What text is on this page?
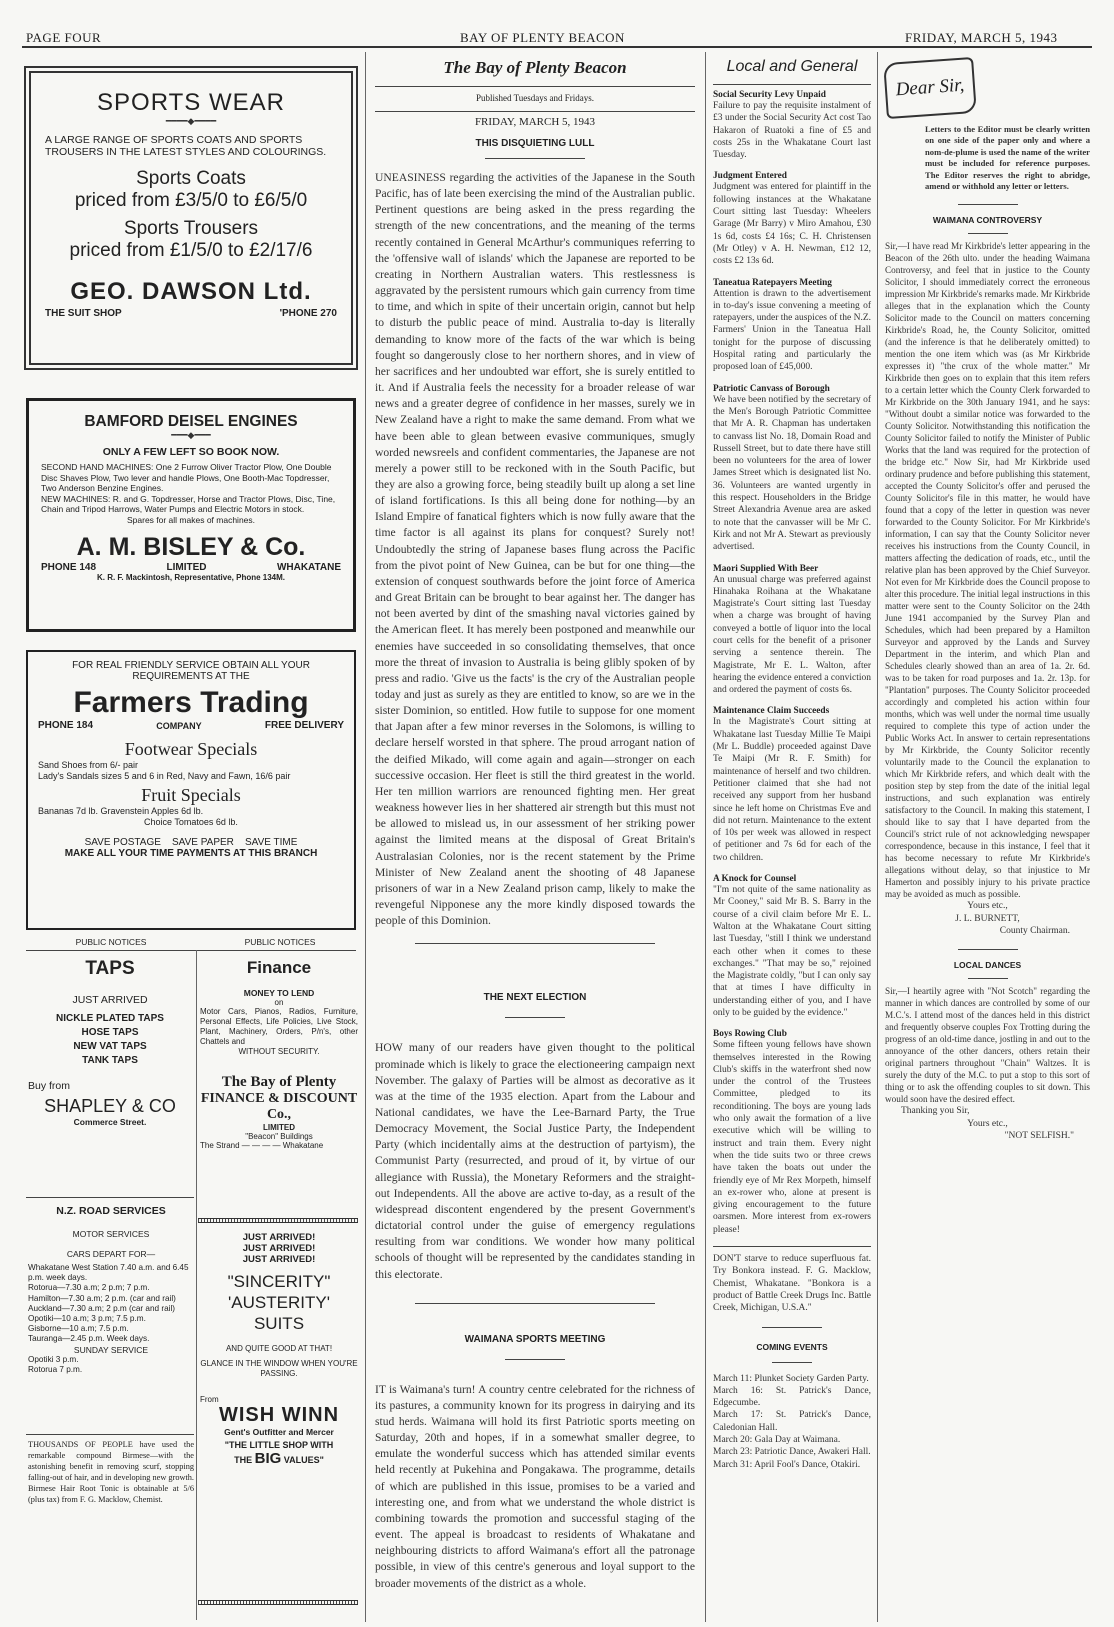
PAGE FOUR	BAY OF PLENTY BEACON	FRIDAY, MARCH 5, 1943
SPORTS WEAR
━━━━◆━━━━
A LARGE RANGE OF SPORTS COATS AND SPORTS TROUSERS IN THE LATEST STYLES AND COLOURINGS.
Sports Coats
priced from £3/5/0 to £6/5/0
Sports Trousers
priced from £1/5/0 to £2/17/6
GEO. DAWSON Ltd.
THE SUIT SHOP	'PHONE 270
BAMFORD DEISEL ENGINES
━━━◆━━━
ONLY A FEW LEFT SO BOOK NOW.
SECOND HAND MACHINES: One 2 Furrow Oliver Tractor Plow, One Double Disc Shaves Plow, Two lever and handle Plows, One Booth-Mac Topdresser, Two Anderson Benzine Engines.
NEW MACHINES: R. and G. Topdresser, Horse and Tractor Plows, Disc, Tine, Chain and Tripod Harrows, Water Pumps and Electric Motors in stock.
Spares for all makes of machines.
A. M. BISLEY & Co.
PHONE 148	LIMITED	WHAKATANE
K. R. F. Mackintosh, Representative, Phone 134M.
FOR REAL FRIENDLY SERVICE OBTAIN ALL YOUR REQUIREMENTS AT THE
Farmers Trading
PHONE 184	COMPANY	FREE DELIVERY
Footwear Specials
Sand Shoes from 6/- pair
Lady's Sandals sizes 5 and 6 in Red, Navy and Fawn, 16/6 pair
Fruit Specials
Bananas 7d lb. Gravenstein Apples 6d lb.
Choice Tomatoes 6d lb.
SAVE POSTAGE    SAVE PAPER    SAVE TIME
MAKE ALL YOUR TIME PAYMENTS AT THIS BRANCH
PUBLIC NOTICES	PUBLIC NOTICES
TAPS
JUST ARRIVED
NICKLE PLATED TAPS
HOSE TAPS
NEW VAT TAPS
TANK TAPS
Buy from
SHAPLEY & CO
Commerce Street.
N.Z. ROAD SERVICES
MOTOR SERVICES
CARS DEPART FOR—
Whakatane West Station 7.40 a.m. and 6.45 p.m. week days.
Rotorua—7.30 a.m; 2 p.m; 7 p.m.
Hamilton—7.30 a.m; 2 p.m. (car and rail)
Auckland—7.30 a.m; 2 p.m (car and rail)
Opotiki—10 a.m; 3 p.m; 7.5 p.m.
Gisborne—10 a.m; 7.5 p.m.
Tauranga—2.45 p.m. Week days.
SUNDAY SERVICE
Opotiki 3 p.m.
Rotorua 7 p.m.
THOUSANDS OF PEOPLE have used the remarkable compound Birmese—with the astonishing benefit in removing scurf, stopping falling-out of hair, and in developing new growth. Birmese Hair Root Tonic is obtainable at 5/6 (plus tax) from F. G. Macklow, Chemist.
Finance
MONEY TO LEND
on
Motor Cars, Pianos, Radios, Furniture, Personal Effects, Life Policies, Live Stock, Plant, Machinery, Orders, P/n's, other Chattels and
WITHOUT SECURITY.
The Bay of Plenty
FINANCE & DISCOUNT Co.,
LIMITED
"Beacon" Buildings
The Strand — — — — Whakatane
JUST ARRIVED!
JUST ARRIVED!
JUST ARRIVED!
"SINCERITY"
'AUSTERITY'
SUITS
AND QUITE GOOD AT THAT!
GLANCE IN THE WINDOW WHEN YOU'RE PASSING.
From
WISH WINN
Gent's Outfitter and Mercer
"THE LITTLE SHOP WITH
THE BIG VALUES"
The Bay of Plenty Beacon
Published Tuesdays and Fridays.
FRIDAY, MARCH 5, 1943
THIS DISQUIETING LULL
UNEASINESS regarding the activities of the Japanese in the South Pacific, has of late been exercising the mind of the Australian public. Pertinent questions are being asked in the press regarding the strength of the new concentrations, and the meaning of the terms recently contained in General McArthur's communiques referring to the 'offensive wall of islands' which the Japanese are reported to be creating in Northern Australian waters. This restlessness is aggravated by the persistent rumours which gain currency from time to time, and which in spite of their uncertain origin, cannot but help to disturb the public peace of mind. Australia to-day is literally demanding to know more of the facts of the war which is being fought so dangerously close to her northern shores, and in view of her sacrifices and her undoubted war effort, she is surely entitled to it. And if Australia feels the necessity for a broader release of war news and a greater degree of confidence in her masses, surely we in New Zealand have a right to make the same demand. From what we have been able to glean between evasive communiques, smugly worded newsreels and confident commentaries, the Japanese are not merely a power still to be reckoned with in the South Pacific, but they are also a growing force, being steadily built up along a set line of island fortifications. Is this all being done for nothing—by an Island Empire of fanatical fighters which is now fully aware that the time factor is all against its plans for conquest? Surely not! Undoubtedly the string of Japanese bases flung across the Pacific from the pivot point of New Guinea, can be but for one thing—the extension of conquest southwards before the joint force of America and Great Britain can be brought to bear against her. The danger has not been averted by dint of the smashing naval victories gained by the American fleet. It has merely been postponed and meanwhile our enemies have succeeded in so consolidating themselves, that once more the threat of invasion to Australia is being glibly spoken of by press and radio. 'Give us the facts' is the cry of the Australian people today and just as surely as they are entitled to know, so are we in the sister Dominion, so entitled. How futile to suppose for one moment that Japan after a few minor reverses in the Solomons, is willing to declare herself worsted in that sphere. The proud arrogant nation of the deified Mikado, will come again and again—stronger on each successive occasion. Her fleet is still the third greatest in the world. Her ten million warriors are renounced fighting men. Her great weakness however lies in her shattered air strength but this must not be allowed to mislead us, in our assessment of her striking power against the limited means at the disposal of Great Britain's Australasian Colonies, nor is the recent statement by the Prime Minister of New Zealand anent the shooting of 48 Japanese prisoners of war in a New Zealand prison camp, likely to make the revengeful Nipponese any the more kindly disposed towards the people of this Dominion.
THE NEXT ELECTION
HOW many of our readers have given thought to the political prominade which is likely to grace the electioneering campaign next November. The galaxy of Parties will be almost as decorative as it was at the time of the 1935 election. Apart from the Labour and National candidates, we have the Lee-Barnard Party, the True Democracy Movement, the Social Justice Party, the Independent Party (which incidentally aims at the destruction of partyism), the Communist Party (resurrected, and proud of it, by virtue of our allegiance with Russia), the Monetary Reformers and the straight-out Independents. All the above are active to-day, as a result of the widespread discontent engendered by the present Government's dictatorial control under the guise of emergency regulations resulting from war conditions. We wonder how many political schools of thought will be represented by the candidates standing in this electorate.
WAIMANA SPORTS MEETING
IT is Waimana's turn! A country centre celebrated for the richness of its pastures, a community known for its progress in dairying and its stud herds. Waimana will hold its first Patriotic sports meeting on Saturday, 20th and hopes, if in a somewhat smaller degree, to emulate the wonderful success which has attended similar events held recently at Pukehina and Pongakawa. The programme, details of which are published in this issue, promises to be a varied and interesting one, and from what we understand the whole district is combining towards the promotion and successful staging of the event. The appeal is broadcast to residents of Whakatane and neighbouring districts to afford Waimana's effort all the patronage possible, in view of this centre's generous and loyal support to the broader movements of the district as a whole.
Local and General
Social Security Levy Unpaid
Failure to pay the requisite instalment of £3 under the Social Security Act cost Tao Hakaron of Ruatoki a fine of £5 and costs 25s in the Whakatane Court last Tuesday.
Judgment Entered
Judgment was entered for plaintiff in the following instances at the Whakatane Court sitting last Tuesday: Wheelers Garage (Mr Barry) v Miro Amahou, £30 1s 6d, costs £4 16s; C. H. Christensen (Mr Otley) v A. H. Newman, £12 12, costs £2 13s 6d.
Taneatua Ratepayers Meeting
Attention is drawn to the advertisement in to-day's issue convening a meeting of ratepayers, under the auspices of the N.Z. Farmers' Union in the Taneatua Hall tonight for the purpose of discussing Hospital rating and particularly the proposed loan of £45,000.
Patriotic Canvass of Borough
We have been notified by the secretary of the Men's Borough Patriotic Committee that Mr A. R. Chapman has undertaken to canvass list No. 18, Domain Road and Russell Street, but to date there have still been no volunteers for the area of lower James Street which is designated list No. 36. Volunteers are wanted urgently in this respect. Householders in the Bridge Street Alexandria Avenue area are asked to note that the canvasser will be Mr C. Kirk and not Mr A. Stewart as previously advertised.
Maori Supplied With Beer
An unusual charge was preferred against Hinahaka Roihana at the Whakatane Magistrate's Court sitting last Tuesday when a charge was brought of having conveyed a bottle of liquor into the local court cells for the benefit of a prisoner serving a sentence therein. The Magistrate, Mr E. L. Walton, after hearing the evidence entered a conviction and ordered the payment of costs 6s.
Maintenance Claim Succeeds
In the Magistrate's Court sitting at Whakatane last Tuesday Millie Te Maipi (Mr L. Buddle) proceeded against Dave Te Maipi (Mr R. F. Smith) for maintenance of herself and two children. Petitioner claimed that she had not received any support from her husband since he left home on Christmas Eve and did not return. Maintenance to the extent of 10s per week was allowed in respect of petitioner and 7s 6d for each of the two children.
A Knock for Counsel
"I'm not quite of the same nationality as Mr Cooney," said Mr B. S. Barry in the course of a civil claim before Mr E. L. Walton at the Whakatane Court sitting last Tuesday, "still I think we understand each other when it comes to these exchanges." "That may be so," rejoined the Magistrate coldly, "but I can only say that at times I have difficulty in understanding either of you, and I have only to be guided by the evidence."
Boys Rowing Club
Some fifteen young fellows have shown themselves interested in the Rowing Club's skiffs in the waterfront shed now under the control of the Trustees Committee, pledged to its reconditioning. The boys are young lads who only await the formation of a live executive which will be willing to instruct and train them. Every night when the tide suits two or three crews have taken the boats out under the friendly eye of Mr Rex Morpeth, himself an ex-rower who, alone at present is giving encouragement to the future oarsmen. More interest from ex-rowers please!
DON'T starve to reduce superfluous fat. Try Bonkora instead. F. G. Macklow, Chemist, Whakatane. "Bonkora is a product of Battle Creek Drugs Inc. Battle Creek, Michigan, U.S.A."
COMING EVENTS
March 11: Plunket Society Garden Party.
March 16: St. Patrick's Dance, Edgecumbe.
March 17: St. Patrick's Dance, Caledonian Hall.
March 20: Gala Day at Waimana.
March 23: Patriotic Dance, Awakeri Hall.
March 31: April Fool's Dance, Otakiri.
Dear Sir,
Letters to the Editor must be clearly written on one side of the paper only and where a nom-de-plume is used the name of the writer must be included for reference purposes. The Editor reserves the right to abridge, amend or withhold any letter or letters.
WAIMANA CONTROVERSY
Sir,—I have read Mr Kirkbride's letter appearing in the Beacon of the 26th ulto. under the heading Waimana Controversy, and feel that in justice to the County Solicitor, I should immediately correct the erroneous impression Mr Kirkbride's remarks made. Mr Kirkbride alleges that in the explanation which the County Solicitor made to the Council on matters concerning Kirkbride's Road, he, the County Solicitor, omitted (and the inference is that he deliberately omitted) to mention the one item which was (as Mr Kirkbride expresses it) "the crux of the whole matter." Mr Kirkbride then goes on to explain that this item refers to a certain letter which the County Clerk forwarded to Mr Kirkbride on the 30th January 1941, and he says: "Without doubt a similar notice was forwarded to the County Solicitor. Notwithstanding this notification the County Solicitor failed to notify the Minister of Public Works that the land was required for the protection of the bridge etc." Now Sir, had Mr Kirkbride used ordinary prudence and before publishing this statement, accepted the County Solicitor's offer and perused the County Solicitor's file in this matter, he would have found that a copy of the letter in question was never forwarded to the County Solicitor. For Mr Kirkbride's information, I can say that the County Solicitor never receives his instructions from the County Council, in matters affecting the dedication of roads, etc., until the relative plan has been approved by the Chief Surveyor. Not even for Mr Kirkbride does the Council propose to alter this procedure. The initial legal instructions in this matter were sent to the County Solicitor on the 24th June 1941 accompanied by the Survey Plan and Schedules, which had been prepared by a Hamilton Surveyor and approved by the Lands and Survey Department in the interim, and which Plan and Schedules clearly showed than an area of 1a. 2r. 6d. was to be taken for road purposes and 1a. 2r. 13p. for "Plantation" purposes. The County Solicitor proceeded accordingly and completed his action within four months, which was well under the normal time usually required to complete this type of action under the Public Works Act. In answer to certain representations by Mr Kirkbride, the County Solicitor recently voluntarily made to the Council the explanation to which Mr Kirkbride refers, and which dealt with the position step by step from the date of the initial legal instructions, and such explanation was entirely satisfactory to the Council. In making this statement, I should like to say that I have departed from the Council's strict rule of not acknowledging newspaper correspondence, because in this instance, I feel that it has become necessary to refute Mr Kirkbride's allegations without delay, so that injustice to Mr Hamerton and possibly injury to his private practice may be avoided as much as possible.
Yours etc.,
J. L. BURNETT,
County Chairman.
LOCAL DANCES
Sir,—I heartily agree with "Not Scotch" regarding the manner in which dances are controlled by some of our M.C.'s. I attend most of the dances held in this district and frequently observe couples Fox Trotting during the progress of an old-time dance, jostling in and out to the annoyance of the other dancers, others retain their original partners throughout "Chain" Waltzes. It is surely the duty of the M.C. to put a stop to this sort of thing or to ask the offending couples to sit down. This would soon have the desired effect.
Thanking you Sir,
Yours etc.,
"NOT SELFISH."
